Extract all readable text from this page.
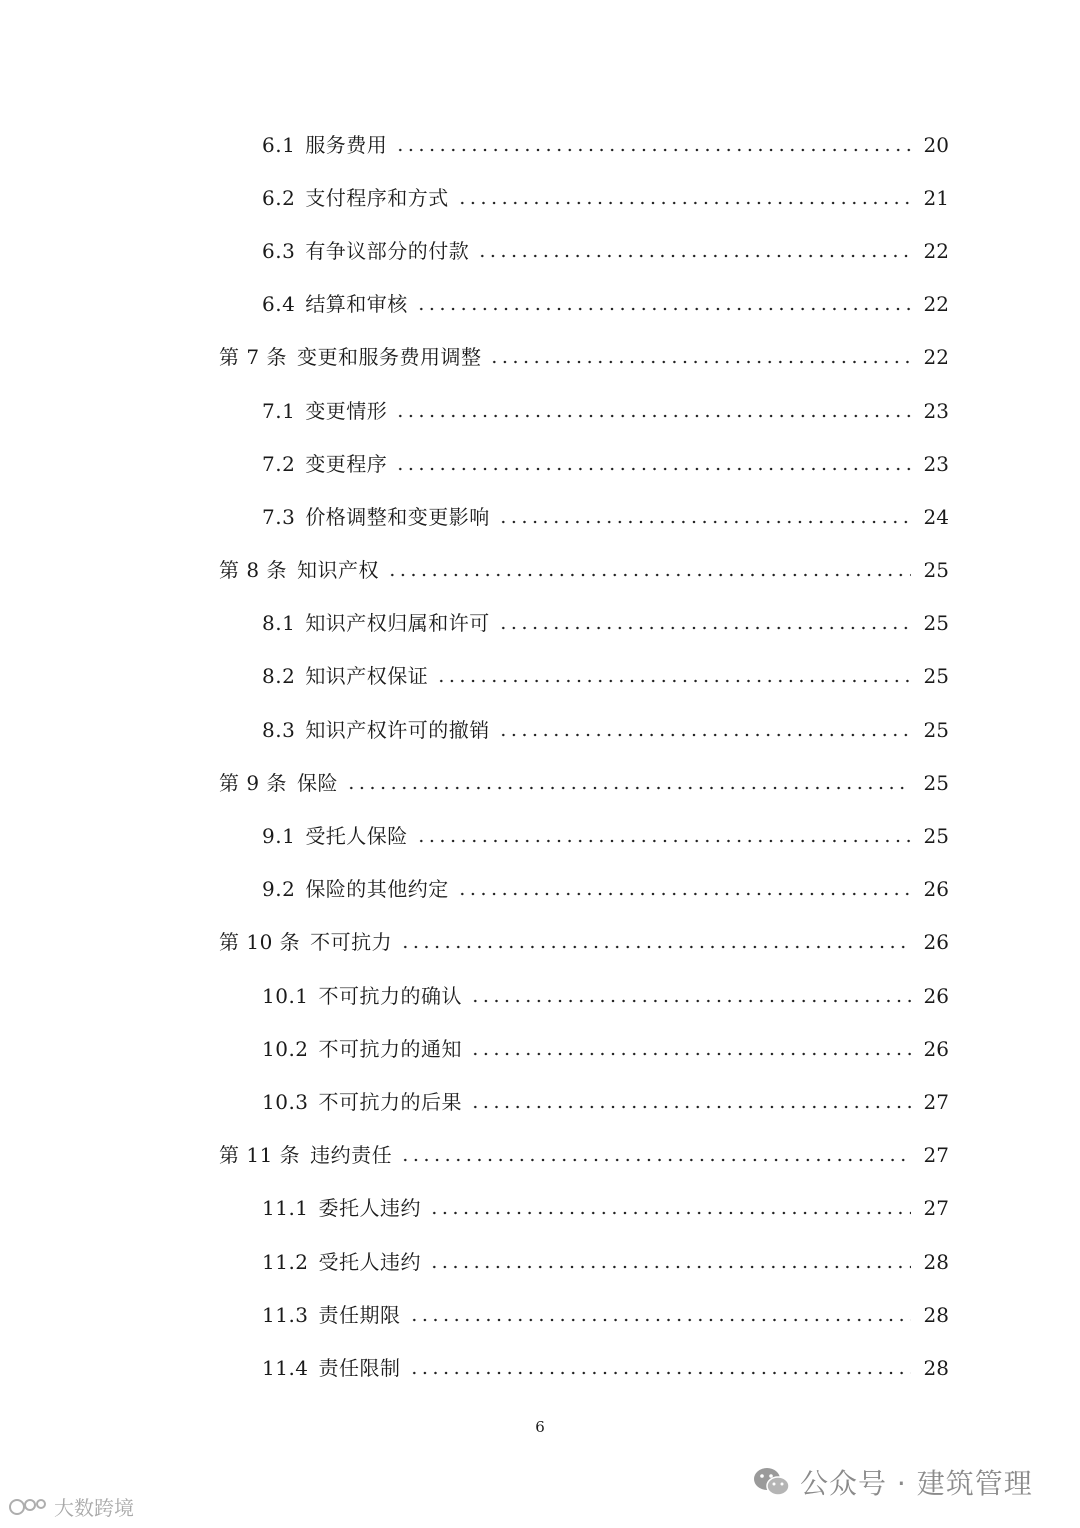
6.1 服务费用	20
6.2 支付程序和方式	21
6.3 有争议部分的付款	22
6.4 结算和审核	22
第 7 条 变更和服务费用调整	22
7.1 变更情形	23
7.2 变更程序	23
7.3 价格调整和变更影响	24
第 8 条 知识产权	25
8.1 知识产权归属和许可	25
8.2 知识产权保证	25
8.3 知识产权许可的撤销	25
第 9 条 保险	25
9.1 受托人保险	25
9.2 保险的其他约定	26
第 10 条 不可抗力	26
10.1 不可抗力的确认	26
10.2 不可抗力的通知	26
10.3 不可抗力的后果	27
第 11 条 违约责任	27
11.1 委托人违约	27
11.2 受托人违约	28
11.3 责任期限	28
11.4 责任限制	28
6
公众号 · 建筑管理
大数跨境
